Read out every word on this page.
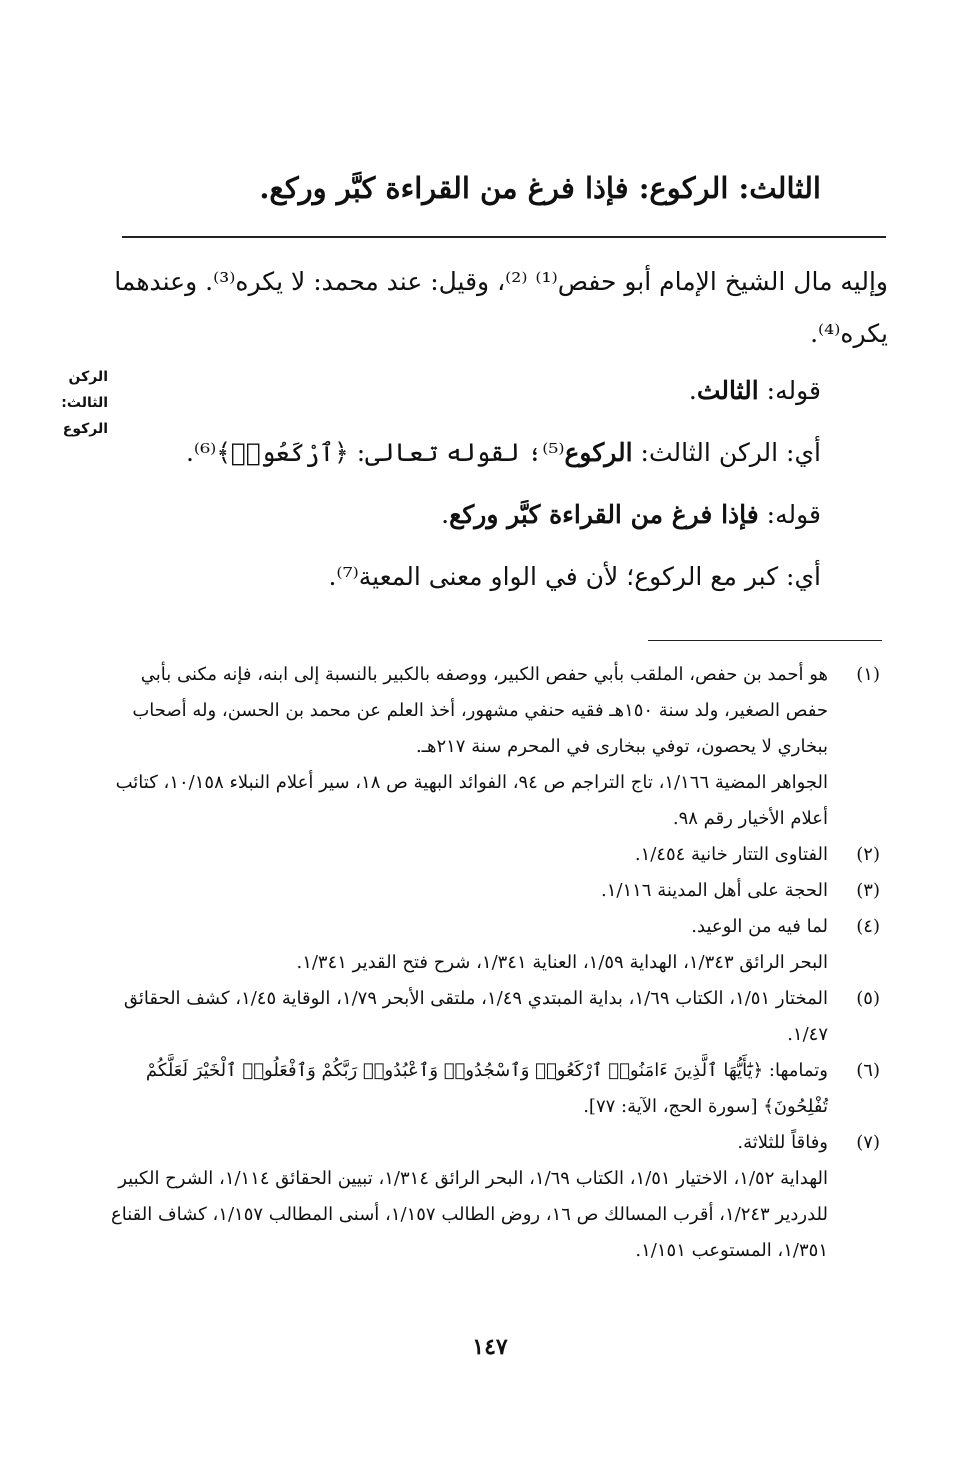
الثالث: الركوع: فإذا فرغ من القراءة كبَّر وركع.
وإليه مال الشيخ الإمام أبو حفص⁽¹⁾ ⁽²⁾، وقيل: عند محمد: لا يكره⁽³⁾. وعندهما يكره⁽⁴⁾.
الركن
الثالث:
الركوع

قوله: الثالث.

أي: الركن الثالث: الركوع⁽⁵⁾؛ لقوله تعالى: ﴿ٱرْكَعُوا۟﴾⁽⁶⁾.

قوله: فإذا فرغ من القراءة كبَّر وركع.

أي: كبر مع الركوع؛ لأن في الواو معنى المعية⁽⁷⁾.

(١)
هو أحمد بن حفص، الملقب بأبي حفص الكبير، ووصفه بالكبير بالنسبة إلى ابنه، فإنه مكنى بأبي حفص الصغير، ولد سنة ١٥٠هـ فقيه حنفي مشهور، أخذ العلم عن محمد بن الحسن، وله أصحاب ببخاري لا يحصون، توفي ببخارى في المحرم سنة ٢١٧هـ.
الجواهر المضية ١/١٦٦، تاج التراجم ص ٩٤، الفوائد البهية ص ١٨، سير أعلام النبلاء ١٠/١٥٨، كتائب أعلام الأخيار رقم ٩٨.
(٢)
الفتاوى التتار خانية ١/٤٥٤.
(٣)
الحجة على أهل المدينة ١/١١٦.
(٤)
لما فيه من الوعيد.
البحر الرائق ١/٣٤٣، الهداية ١/٥٩، العناية ١/٣٤١، شرح فتح القدير ١/٣٤١.
(٥)
المختار ١/٥١، الكتاب ١/٦٩، بداية المبتدي ١/٤٩، ملتقى الأبحر ١/٧٩، الوقاية ١/٤٥، كشف الحقائق ١/٤٧.
(٦)
وتمامها: ﴿يَٰٓأَيُّهَا ٱلَّذِينَ ءَامَنُوا۟ ٱرْكَعُوا۟ وَٱسْجُدُوا۟ وَٱعْبُدُوا۟ رَبَّكُمْ وَٱفْعَلُوا۟ ٱلْخَيْرَ لَعَلَّكُمْ تُفْلِحُونَ﴾ [سورة الحج، الآية: ٧٧].
(٧)
وفاقاً للثلاثة.
الهداية ١/٥٢، الاختيار ١/٥١، الكتاب ١/٦٩، البحر الرائق ١/٣١٤، تبيين الحقائق ١/١١٤، الشرح الكبير للدردير ١/٢٤٣، أقرب المسالك ص ١٦، روض الطالب ١/١٥٧، أسنى المطالب ١/١٥٧، كشاف القناع ١/٣٥١، المستوعب ١/١٥١.
١٤٧
